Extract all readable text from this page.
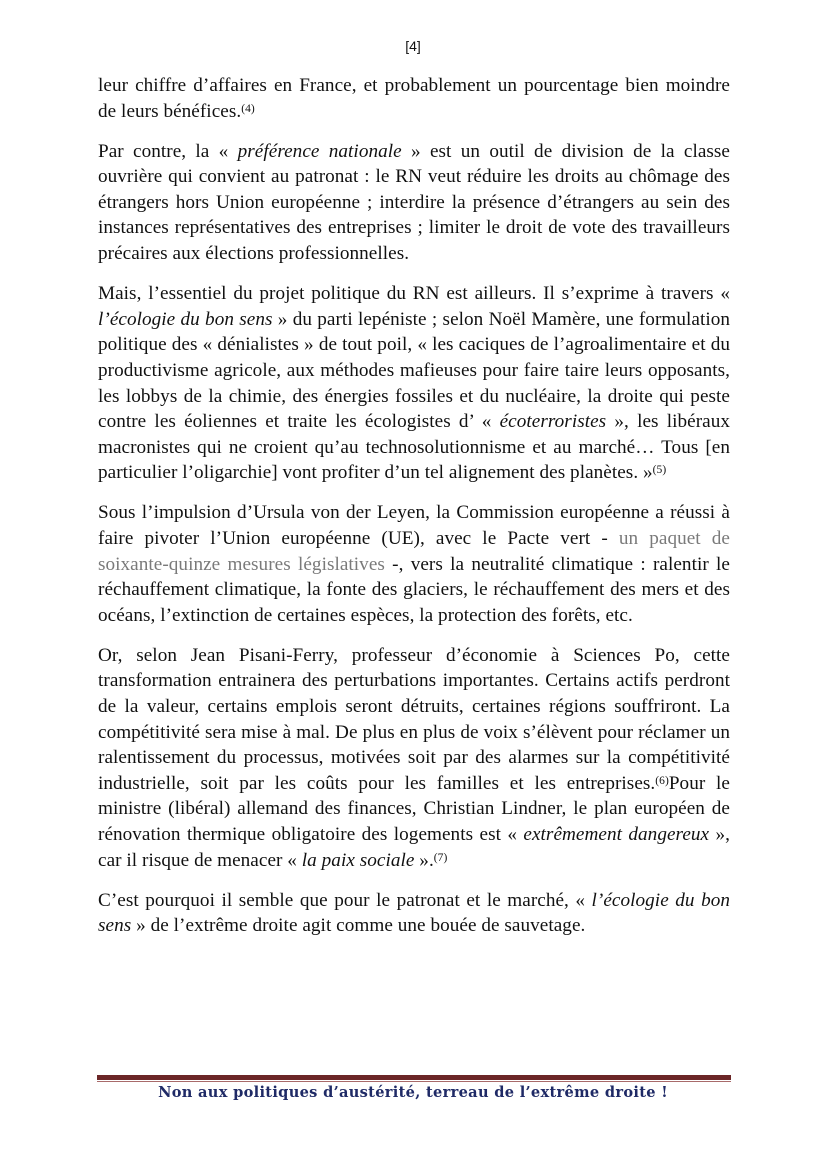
[4]

leur chiffre d’affaires en France, et probablement un pourcentage bien moindre de leurs bénéfices.$^{(4)}$

Par contre, la « préférence nationale » est un outil de division de la classe ouvrière qui convient au patronat : le RN veut réduire les droits au chômage des étrangers hors Union européenne ; interdire la présence d’étrangers au sein des instances représentatives des entreprises ; limiter le droit de vote des travailleurs précaires aux élections professionnelles.

Mais, l’essentiel du projet politique du RN est ailleurs. Il s’exprime à travers « l’écologie du bon sens » du parti lepéniste ; selon Noël Mamère, une formulation politique des « dénialistes » de tout poil, « les caciques de l’agroalimentaire et du productivisme agricole, aux méthodes mafieuses pour faire taire leurs opposants, les lobbys de la chimie, des énergies fossiles et du nucléaire, la droite qui peste contre les éoliennes et traite les écologistes d’ « écoterroristes », les libéraux macronistes qui ne croient qu’au technosolutionnisme et au marché… Tous [en particulier l’oligarchie] vont profiter d’un tel alignement des planètes. »$^{(5)}$

Sous l’impulsion d’Ursula von der Leyen, la Commission européenne a réussi à faire pivoter l’Union européenne (UE), avec le Pacte vert - un paquet de soixante-quinze mesures législatives -, vers la neutralité climatique : ralentir le réchauffement climatique, la fonte des glaciers, le réchauffement des mers et des océans, l’extinction de certaines espèces, la protection des forêts, etc.

Or, selon Jean Pisani-Ferry, professeur d’économie à Sciences Po, cette transformation entrainera des perturbations importantes. Certains actifs perdront de la valeur, certains emplois seront détruits, certaines régions souffriront. La compétitivité sera mise à mal. De plus en plus de voix s’élèvent pour réclamer un ralentissement du processus, motivées soit par des alarmes sur la compétitivité industrielle, soit par les coûts pour les familles et les entreprises.$^{(6)}$Pour le ministre (libéral) allemand des finances, Christian Lindner, le plan européen de rénovation thermique obligatoire des logements est « extrêmement dangereux », car il risque de menacer « la paix sociale ».$^{(7)}$

C’est pourquoi il semble que pour le patronat et le marché, « l’écologie du bon sens » de l’extrême droite agit comme une bouée de sauvetage.

Non aux politiques d’austérité, terreau de l’extrême droite !
